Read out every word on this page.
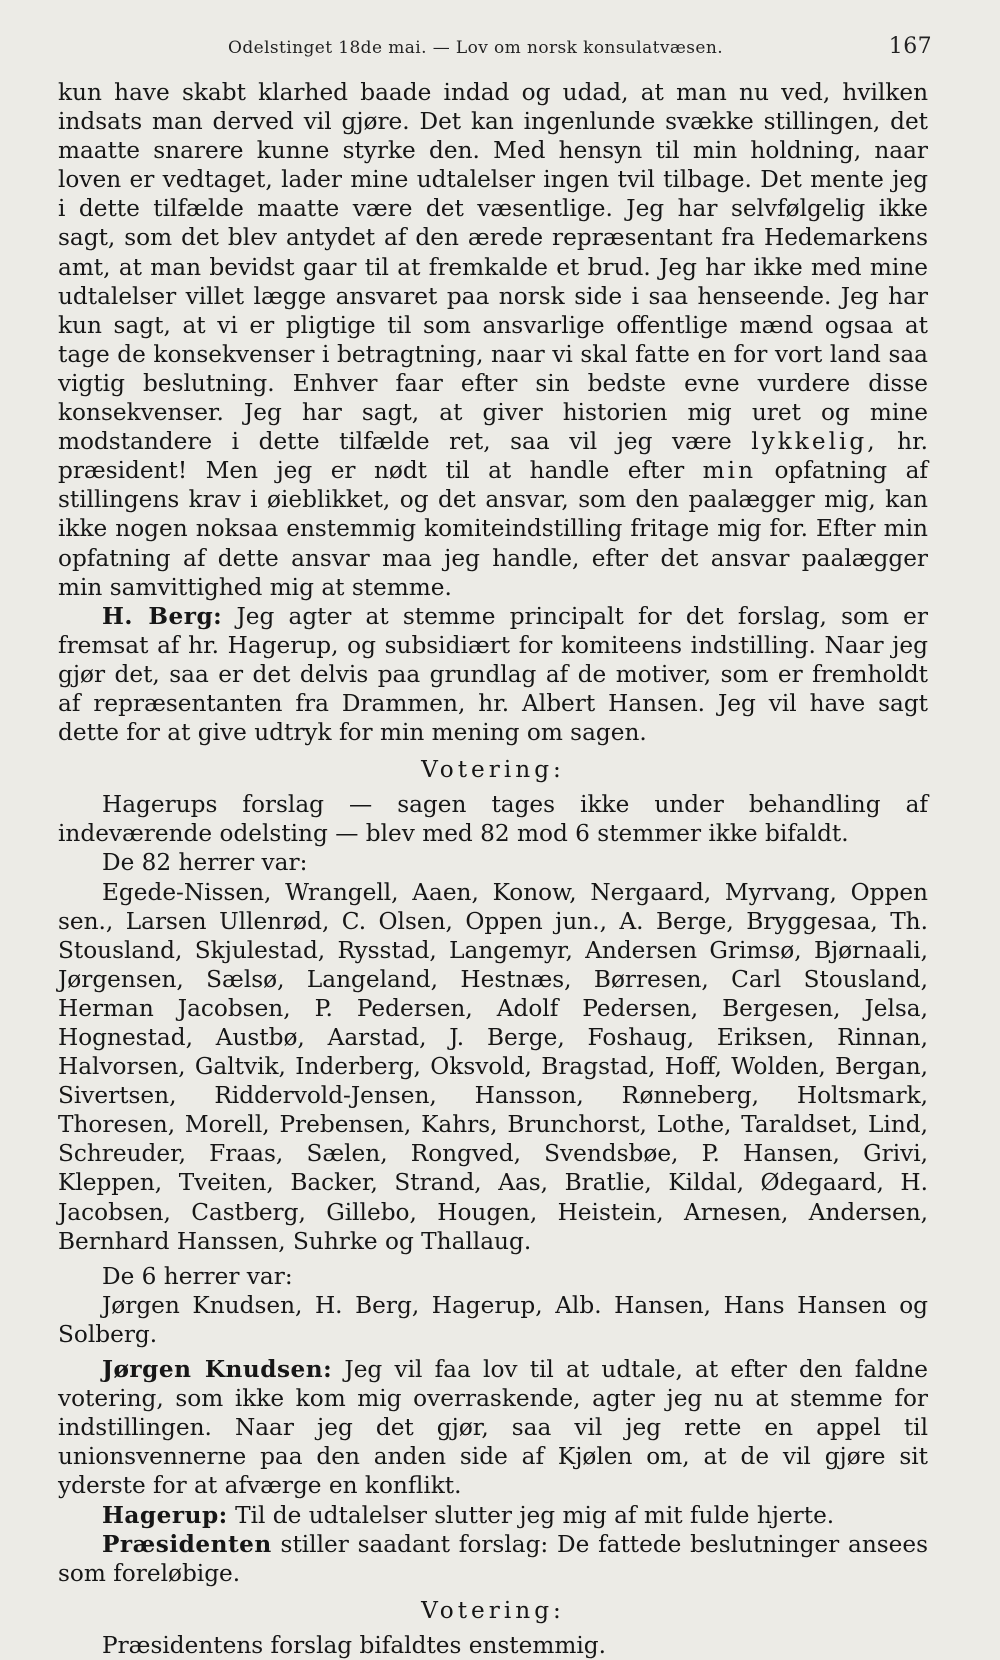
Odelstinget 18de mai. — Lov om norsk konsulatvæsen.	167

kun have skabt klarhed baade indad og udad, at man nu ved, hvilken indsats man derved vil gjøre. Det kan ingenlunde svække stillingen, det maatte snarere kunne styrke den. Med hensyn til min holdning, naar loven er vedtaget, lader mine udtalelser ingen tvil tilbage. Det mente jeg i dette tilfælde maatte være det væsentlige. Jeg har selvfølgelig ikke sagt, som det blev antydet af den ærede repræsentant fra Hedemarkens amt, at man bevidst gaar til at fremkalde et brud. Jeg har ikke med mine udtalelser villet lægge ansvaret paa norsk side i saa henseende. Jeg har kun sagt, at vi er pligtige til som ansvarlige offentlige mænd ogsaa at tage de konsekvenser i betragtning, naar vi skal fatte en for vort land saa vigtig beslutning. Enhver faar efter sin bedste evne vurdere disse konsekvenser. Jeg har sagt, at giver historien mig uret og mine modstandere i dette tilfælde ret, saa vil jeg være lykkelig, hr. præsident! Men jeg er nødt til at handle efter min opfatning af stillingens krav i øieblikket, og det ansvar, som den paalægger mig, kan ikke nogen noksaa enstemmig komiteindstilling fritage mig for. Efter min opfatning af dette ansvar maa jeg handle, efter det ansvar paalægger min samvittighed mig at stemme.

H. Berg: Jeg agter at stemme principalt for det forslag, som er fremsat af hr. Hagerup, og subsidiært for komiteens indstilling. Naar jeg gjør det, saa er det delvis paa grundlag af de motiver, som er fremholdt af repræsentanten fra Drammen, hr. Albert Hansen. Jeg vil have sagt dette for at give udtryk for min mening om sagen.

Votering:

Hagerups forslag — sagen tages ikke under behandling af indeværende odelsting — blev med 82 mod 6 stemmer ikke bifaldt.

De 82 herrer var:

Egede-Nissen, Wrangell, Aaen, Konow, Nergaard, Myrvang, Oppen sen., Larsen Ullenrød, C. Olsen, Oppen jun., A. Berge, Bryggesaa, Th. Stousland, Skjulestad, Rysstad, Langemyr, Andersen Grimsø, Bjørnaali, Jørgensen, Sælsø, Langeland, Hestnæs, Børresen, Carl Stousland, Herman Jacobsen, P. Pedersen, Adolf Pedersen, Bergesen, Jelsa, Hognestad, Austbø, Aarstad, J. Berge, Foshaug, Eriksen, Rinnan, Halvorsen, Galtvik, Inderberg, Oksvold, Bragstad, Hoff, Wolden, Bergan, Sivertsen, Riddervold-Jensen, Hansson, Rønneberg, Holtsmark, Thoresen, Morell, Prebensen, Kahrs, Brunchorst, Lothe, Taraldset, Lind, Schreuder, Fraas, Sælen, Rongved, Svendsbøe, P. Hansen, Grivi, Kleppen, Tveiten, Backer, Strand, Aas, Bratlie, Kildal, Ødegaard, H. Jacobsen, Castberg, Gillebo, Hougen, Heistein, Arnesen, Andersen, Bernhard Hanssen, Suhrke og Thallaug.

De 6 herrer var:

Jørgen Knudsen, H. Berg, Hagerup, Alb. Hansen, Hans Hansen og Solberg.

Jørgen Knudsen: Jeg vil faa lov til at udtale, at efter den faldne votering, som ikke kom mig overraskende, agter jeg nu at stemme for indstillingen. Naar jeg det gjør, saa vil jeg rette en appel til unionsvennerne paa den anden side af Kjølen om, at de vil gjøre sit yderste for at afværge en konflikt.

Hagerup: Til de udtalelser slutter jeg mig af mit fulde hjerte.

Præsidenten stiller saadant forslag: De fattede beslutninger ansees som foreløbige.

Votering:

Præsidentens forslag bifaldtes enstemmig.
